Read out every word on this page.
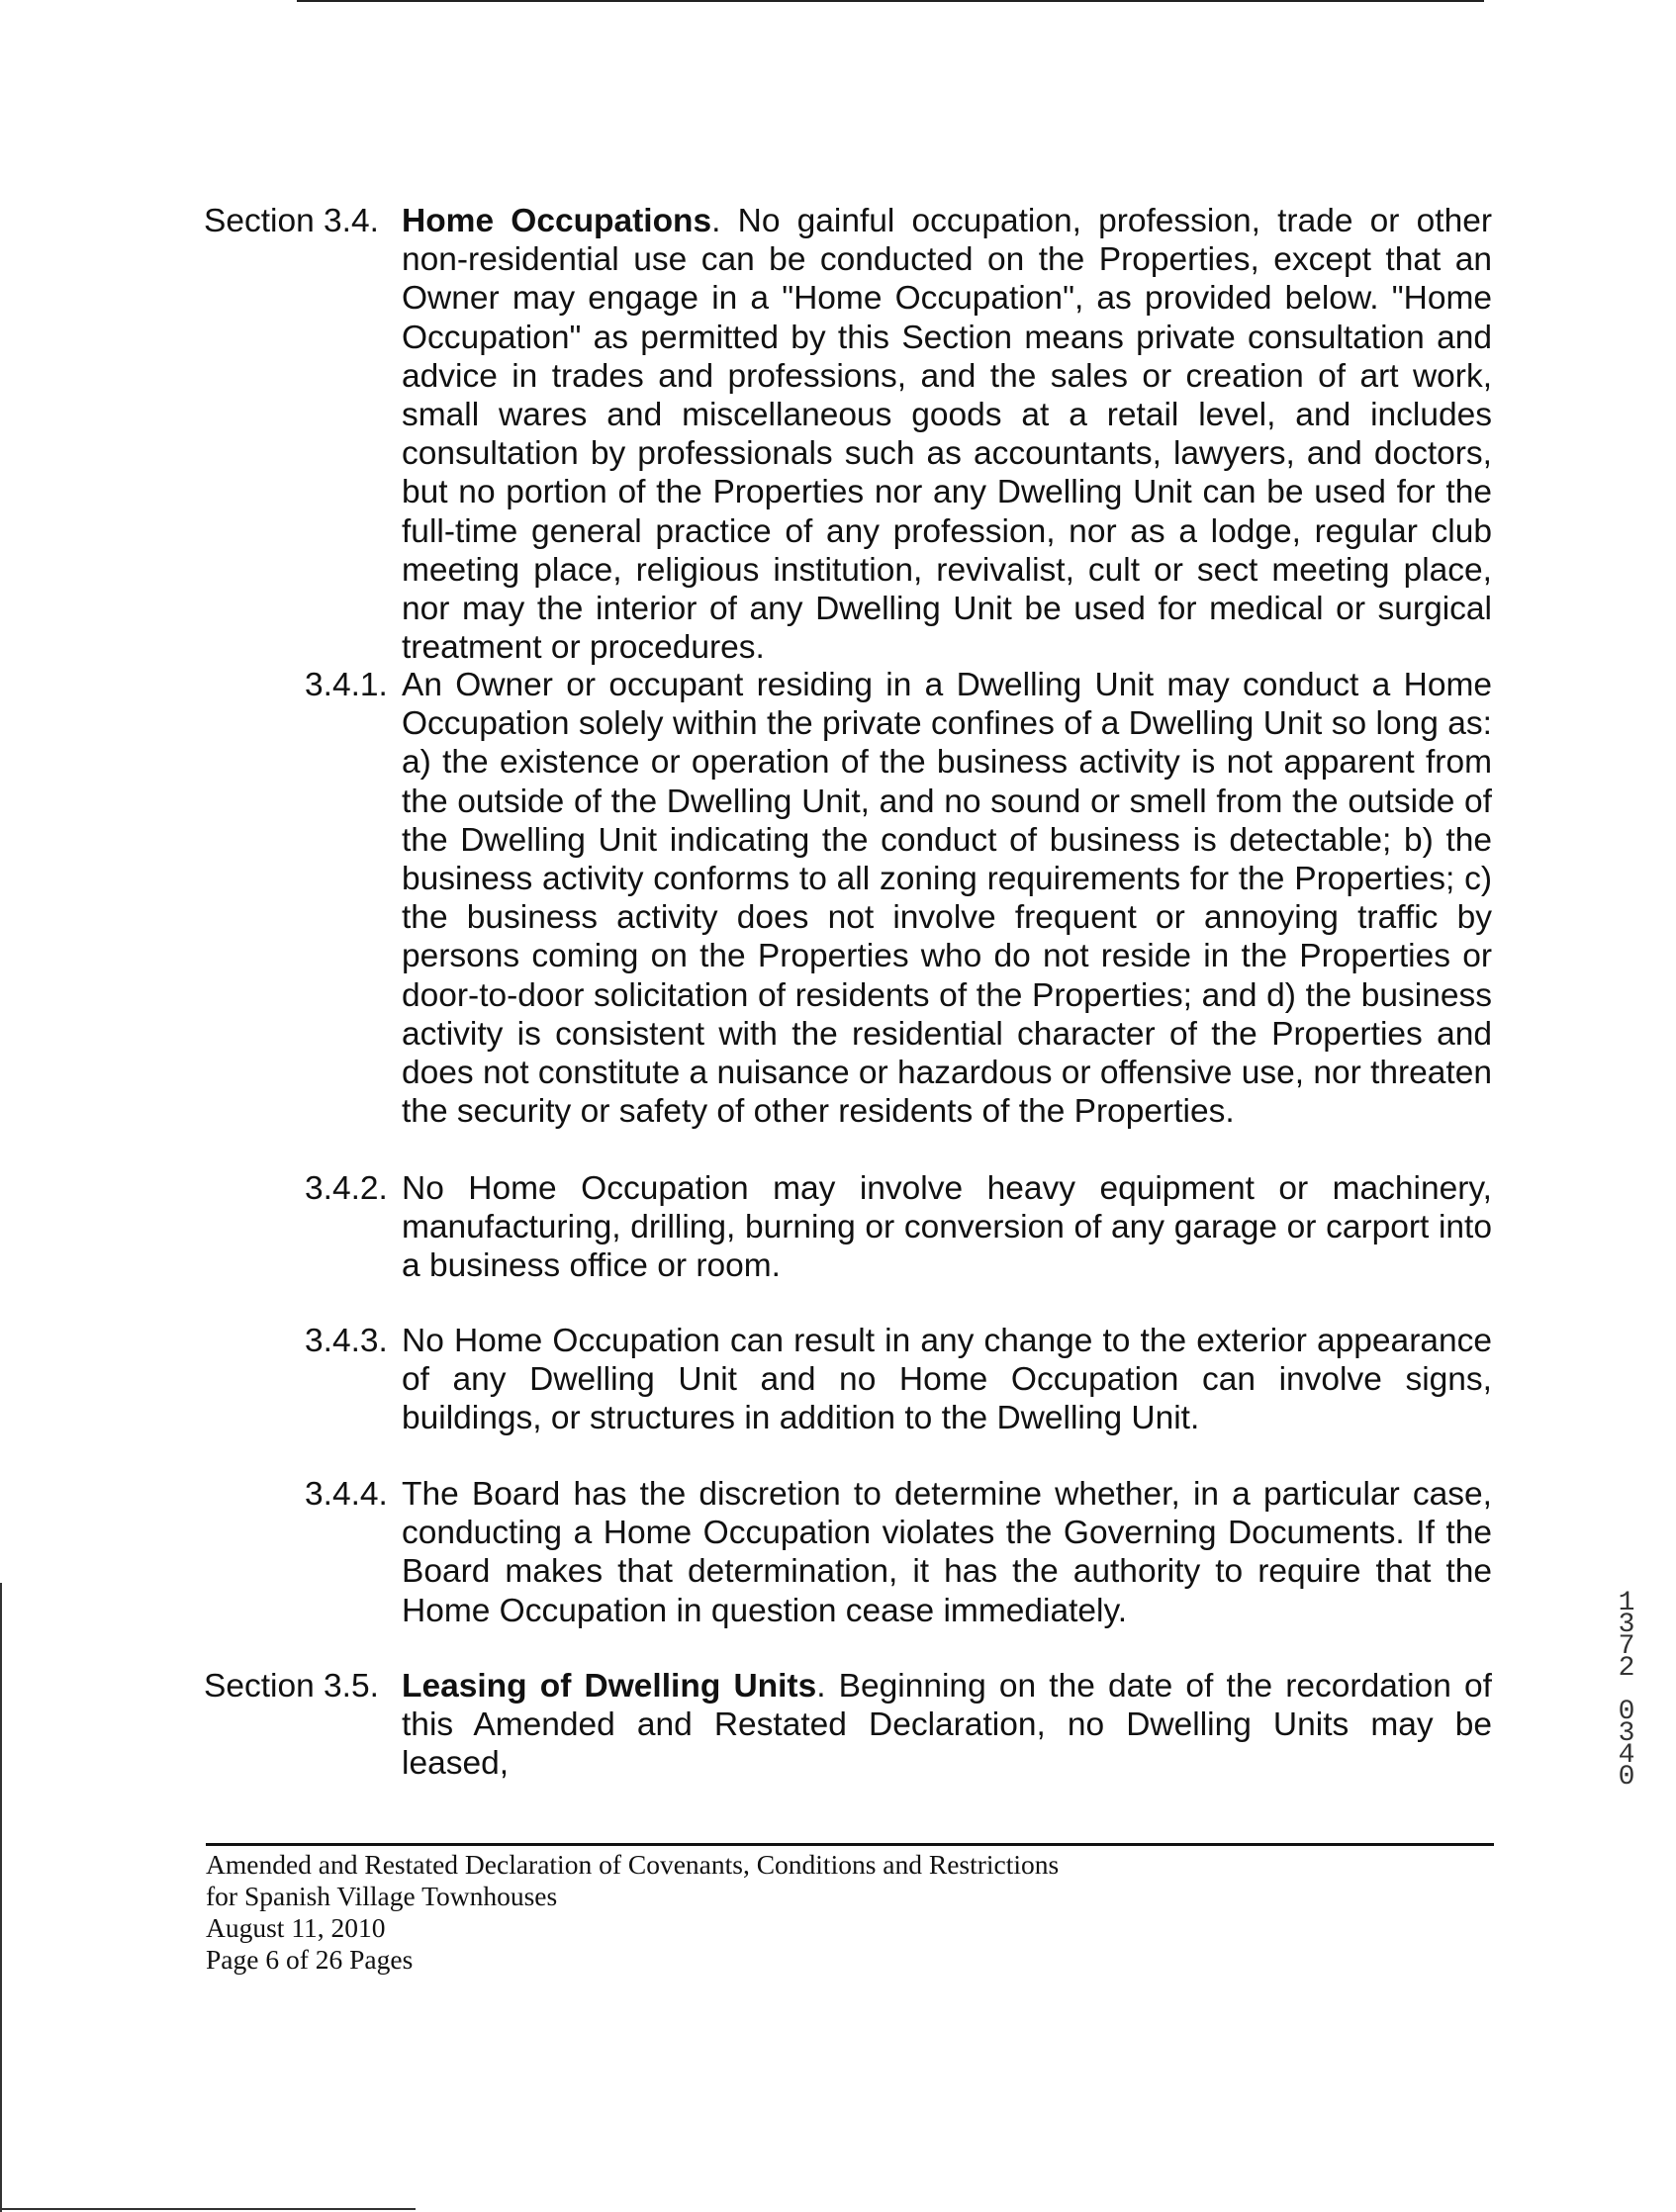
Section 3.4. Home Occupations. No gainful occupation, profession, trade or other non-residential use can be conducted on the Properties, except that an Owner may engage in a "Home Occupation", as provided below. "Home Occupation" as permitted by this Section means private consultation and advice in trades and professions, and the sales or creation of art work, small wares and miscellaneous goods at a retail level, and includes consultation by professionals such as accountants, lawyers, and doctors, but no portion of the Properties nor any Dwelling Unit can be used for the full-time general practice of any profession, nor as a lodge, regular club meeting place, religious institution, revivalist, cult or sect meeting place, nor may the interior of any Dwelling Unit be used for medical or surgical treatment or procedures.
3.4.1. An Owner or occupant residing in a Dwelling Unit may conduct a Home Occupation solely within the private confines of a Dwelling Unit so long as: a) the existence or operation of the business activity is not apparent from the outside of the Dwelling Unit, and no sound or smell from the outside of the Dwelling Unit indicating the conduct of business is detectable; b) the business activity conforms to all zoning requirements for the Properties; c) the business activity does not involve frequent or annoying traffic by persons coming on the Properties who do not reside in the Properties or door-to-door solicitation of residents of the Properties; and d) the business activity is consistent with the residential character of the Properties and does not constitute a nuisance or hazardous or offensive use, nor threaten the security or safety of other residents of the Properties.
3.4.2. No Home Occupation may involve heavy equipment or machinery, manufacturing, drilling, burning or conversion of any garage or carport into a business office or room.
3.4.3. No Home Occupation can result in any change to the exterior appearance of any Dwelling Unit and no Home Occupation can involve signs, buildings, or structures in addition to the Dwelling Unit.
3.4.4. The Board has the discretion to determine whether, in a particular case, conducting a Home Occupation violates the Governing Documents. If the Board makes that determination, it has the authority to require that the Home Occupation in question cease immediately.
Section 3.5. Leasing of Dwelling Units. Beginning on the date of the recordation of this Amended and Restated Declaration, no Dwelling Units may be leased,
Amended and Restated Declaration of Covenants, Conditions and Restrictions
for Spanish Village Townhouses
August 11, 2010
Page 6 of 26 Pages
1
3
7
2
0
3
4
0
